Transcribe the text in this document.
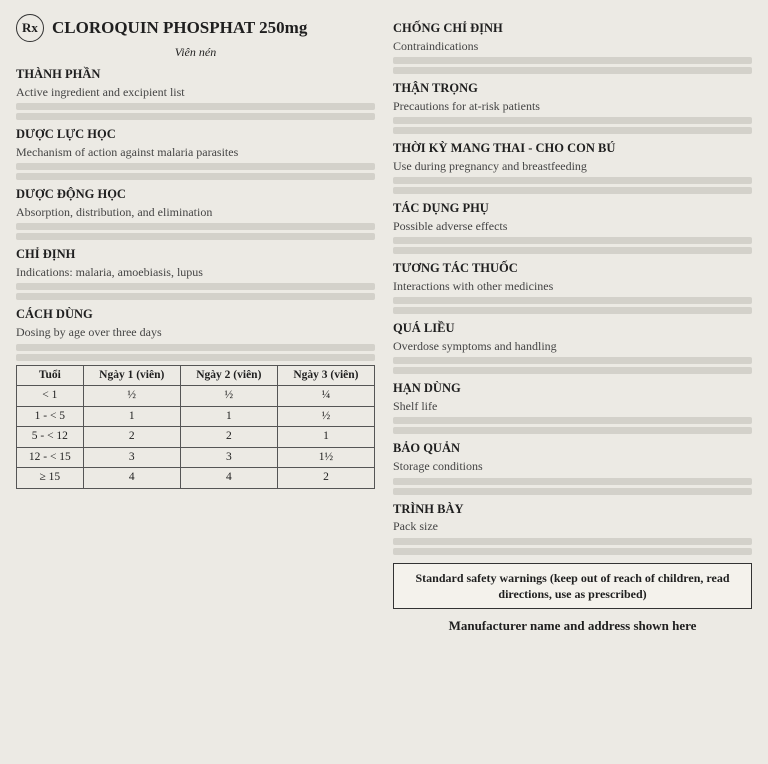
Rx CLOROQUIN PHOSPHAT 250mg
Viên nén
THÀNH PHẦN
Active ingredient and excipient list
DƯỢC LỰC HỌC
Mechanism of action against malaria parasites
DƯỢC ĐỘNG HỌC
Absorption, distribution, and elimination
CHỈ ĐỊNH
Indications: malaria, amoebiasis, lupus
CÁCH DÙNG
Dosing by age over three days
Tuổi	Ngày 1 (viên)	Ngày 2 (viên)	Ngày 3 (viên)
< 1	½	½	¼
1 - < 5	1	1	½
5 - < 12	2	2	1
12 - < 15	3	3	1½
≥ 15	4	4	2
CHỐNG CHỈ ĐỊNH
Contraindications
THẬN TRỌNG
Precautions for at-risk patients
THỜI KỲ MANG THAI - CHO CON BÚ
Use during pregnancy and breastfeeding
TÁC DỤNG PHỤ
Possible adverse effects
TƯƠNG TÁC THUỐC
Interactions with other medicines
QUÁ LIỀU
Overdose symptoms and handling
HẠN DÙNG
Shelf life
BẢO QUẢN
Storage conditions
TRÌNH BÀY
Pack size
Standard safety warnings (keep out of reach of children, read directions, use as prescribed)
Manufacturer name and address shown here
